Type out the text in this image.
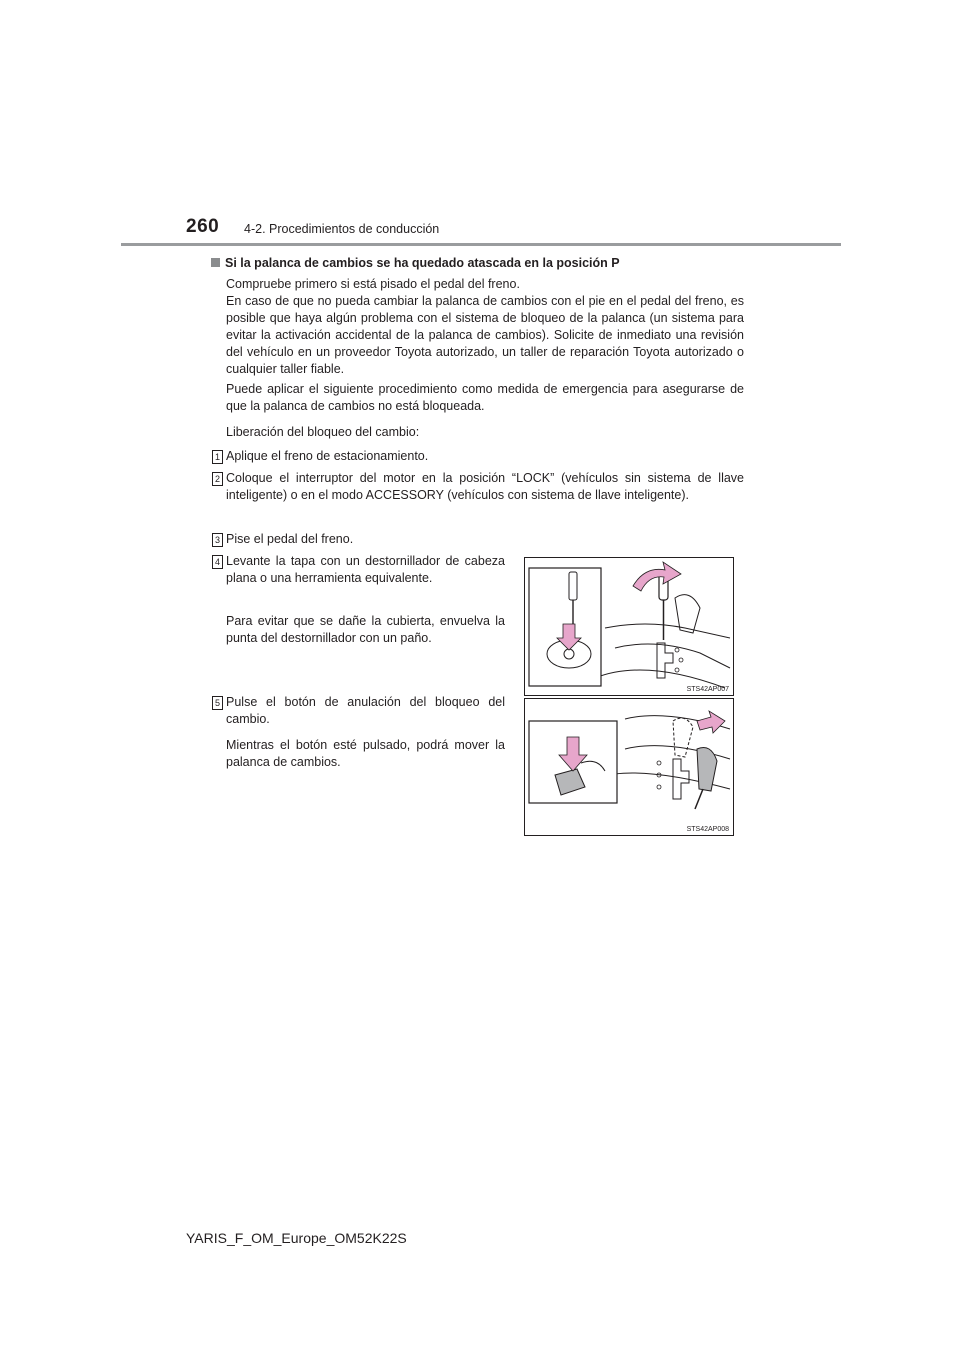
260 4-2. Procedimientos de conducción
Si la palanca de cambios se ha quedado atascada en la posición P

Compruebe primero si está pisado el pedal del freno.

En caso de que no pueda cambiar la palanca de cambios con el pie en el pedal del freno, es posible que haya algún problema con el sistema de bloqueo de la palanca (un sistema para evitar la activación accidental de la palanca de cambios). Solicite de inmediato una revisión del vehículo en un proveedor Toyota autorizado, un taller de reparación Toyota autorizado o cualquier taller fiable.

Puede aplicar el siguiente procedimiento como medida de emergencia para asegurarse de que la palanca de cambios no está bloqueada.

Liberación del bloqueo del cambio:

1 Aplique el freno de estacionamiento.

2 Coloque el interruptor del motor en la posición “LOCK” (vehículos sin sistema de llave inteligente) o en el modo ACCESSORY (vehículos con sistema de llave inteligente).

3 Pise el pedal del freno.

4 Levante la tapa con un destornillador de cabeza plana o una herramienta equivalente.

Para evitar que se dañe la cubierta, envuelva la punta del destornillador con un paño.

5 Pulse el botón de anulación del bloqueo del cambio.

Mientras el botón esté pulsado, podrá mover la palanca de cambios.

STS42AP007
STS42AP008
YARIS_F_OM_Europe_OM52K22S
